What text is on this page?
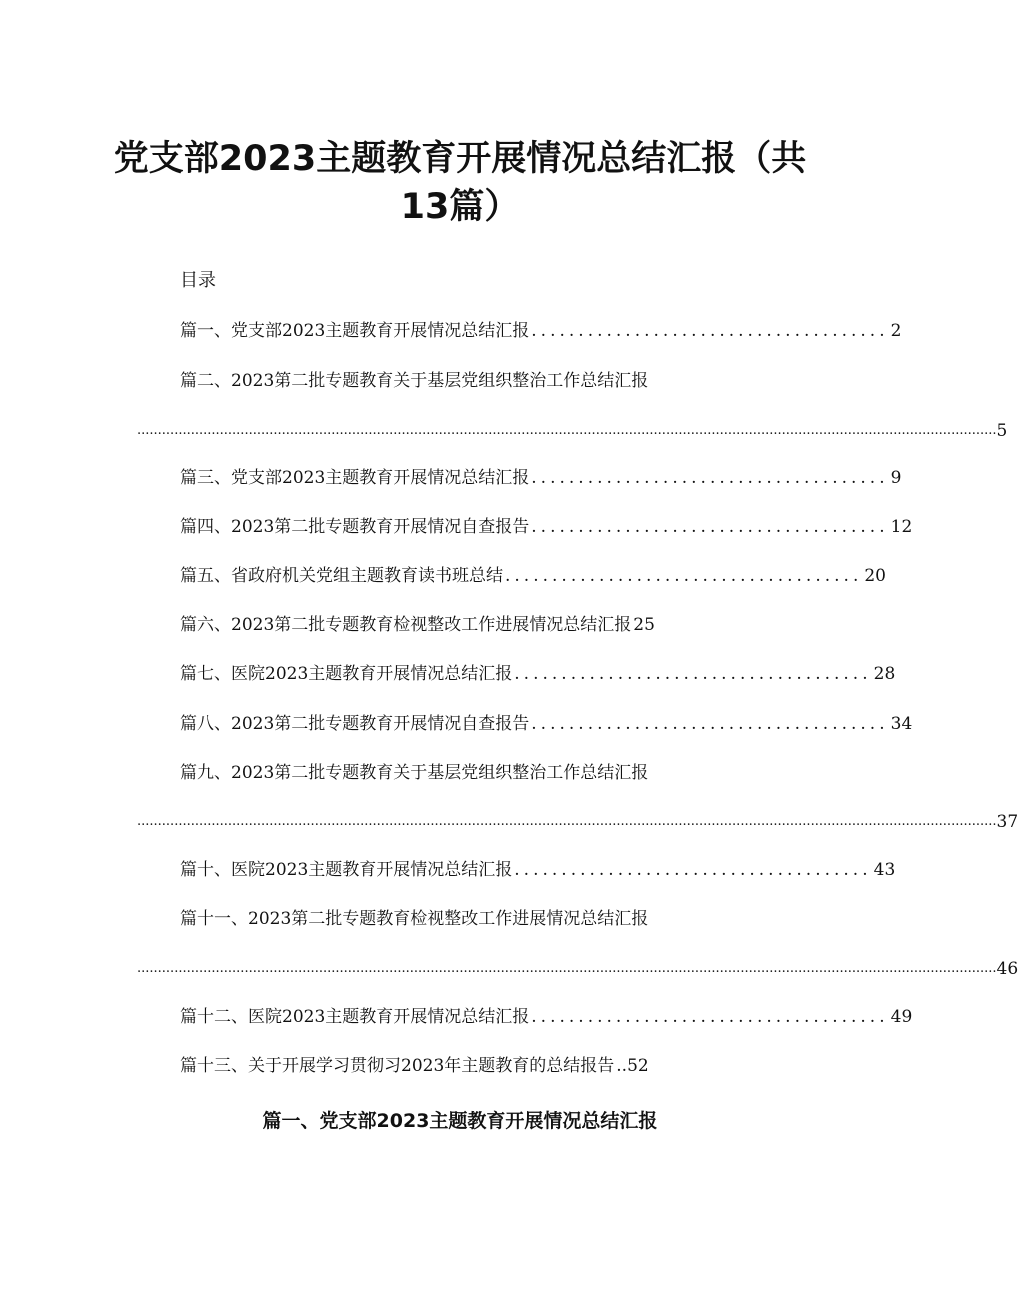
党支部2023主题教育开展情况总结汇报（共
13篇）
目录
篇一、党支部2023主题教育开展情况总结汇报 ...................................... 2
篇二、2023第二批专题教育关于基层党组织整治工作总结汇报
................................................................................................................................................................................................................ 5
篇三、党支部2023主题教育开展情况总结汇报 ...................................... 9
篇四、2023第二批专题教育开展情况自查报告 ...................................... 12
篇五、省政府机关党组主题教育读书班总结 ...................................... 20
篇六、2023第二批专题教育检视整改工作进展情况总结汇报 25
篇七、医院2023主题教育开展情况总结汇报 ...................................... 28
篇八、2023第二批专题教育开展情况自查报告 ...................................... 34
篇九、2023第二批专题教育关于基层党组织整治工作总结汇报
................................................................................................................................................................................................................ 37
篇十、医院2023主题教育开展情况总结汇报 ...................................... 43
篇十一、2023第二批专题教育检视整改工作进展情况总结汇报
................................................................................................................................................................................................................ 46
篇十二、医院2023主题教育开展情况总结汇报 ...................................... 49
篇十三、关于开展学习贯彻习2023年主题教育的总结报告 ..52
篇一、党支部2023主题教育开展情况总结汇报
